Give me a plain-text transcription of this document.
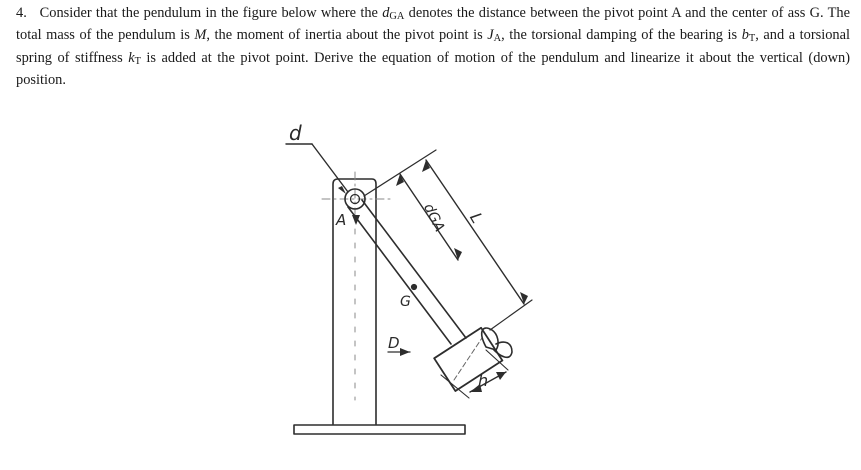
4. Consider that the pendulum in the figure below where the dGA denotes the distance between the pivot point A and the center of ass G. The total mass of the pendulum is M, the moment of inertia about the pivot point is JA, the torsional damping of the bearing is bT, and a torsional spring of stiffness kT is added at the pivot point. Derive the equation of motion of the pendulum and linearize it about the vertical (down) position.

d
A	dGA L
G
D
h
